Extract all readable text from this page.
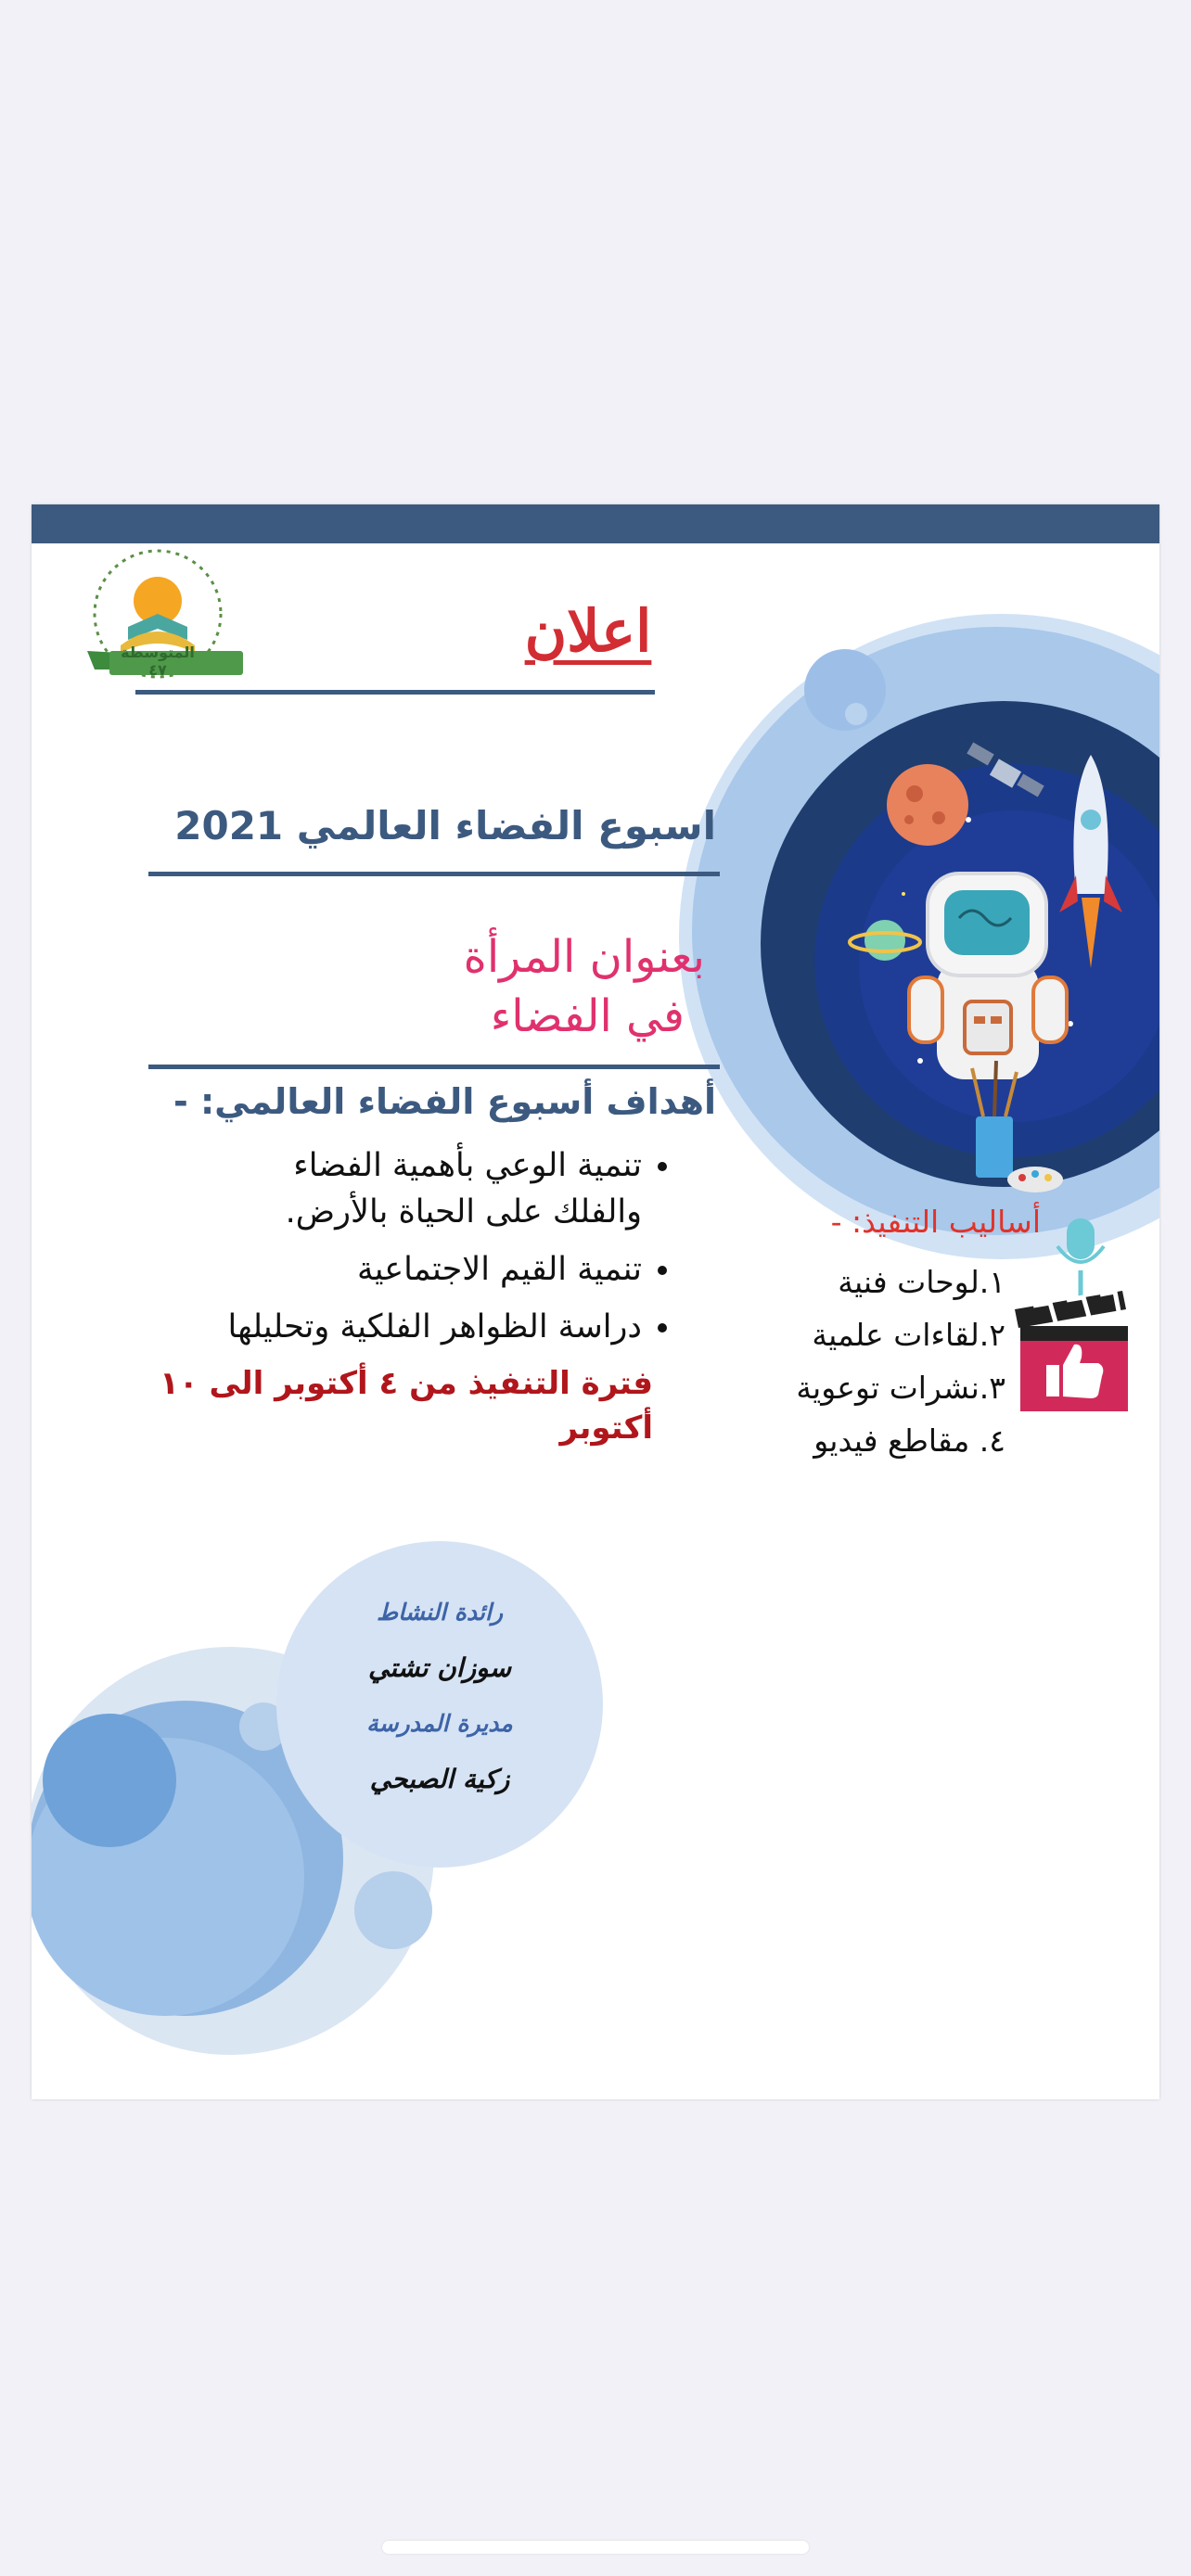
المتوسطة ٤٧
اعلان
اسبوع الفضاء العالمي 2021
بعنوان المرأة
في الفضاء
أهداف أسبوع الفضاء العالمي: -
• تنمية الوعي بأهمية الفضاء
والفلك على الحياة بالأرض.
• تنمية القيم الاجتماعية
• دراسة الظواهر الفلكية وتحليلها
فترة التنفيذ من ٤ أكتوبر الى ١٠
أكتوبر
أساليب التنفيذ: -
١.لوحات فنية
٢.لقاءات علمية
٣.نشرات توعوية
٤. مقاطع فيديو
رائدة النشاط
سوزان تشتي
مديرة المدرسة
زكية الصبحي
